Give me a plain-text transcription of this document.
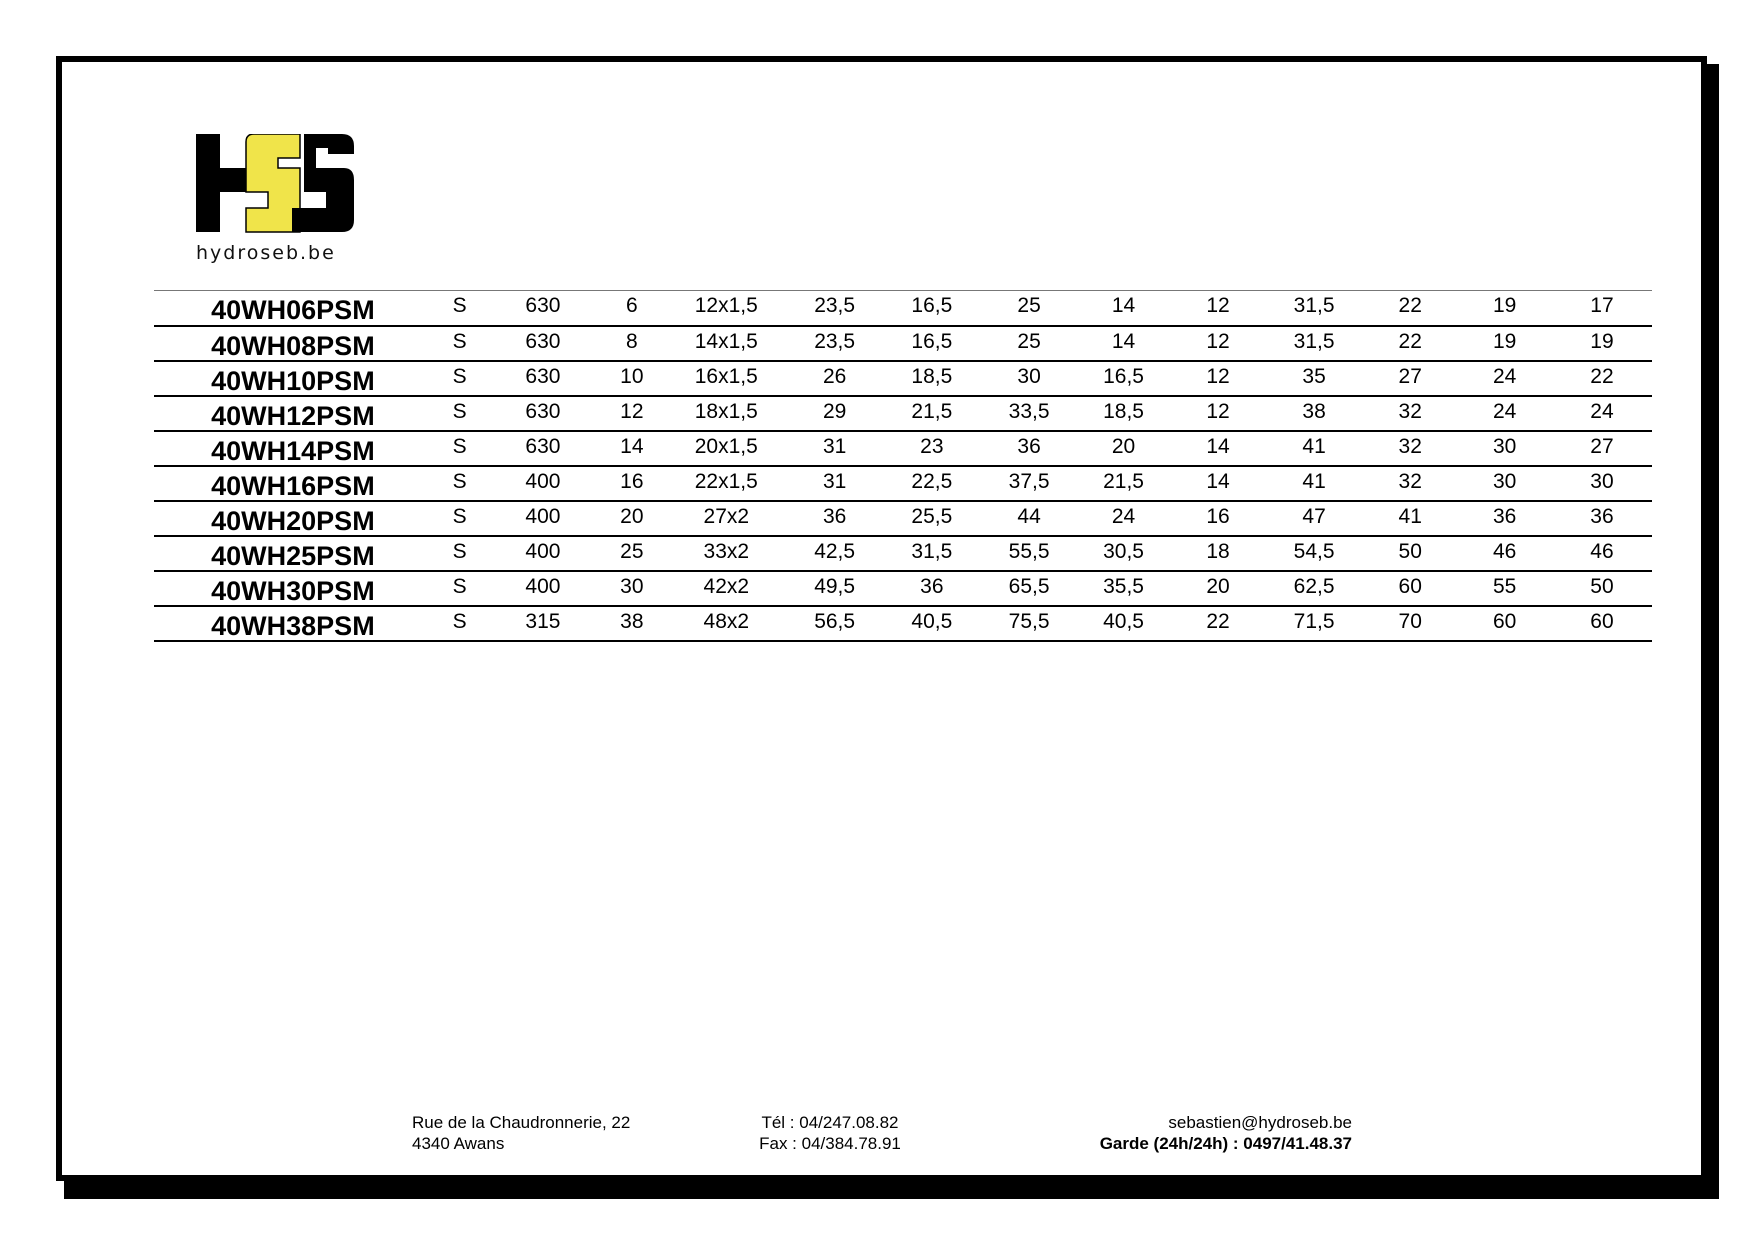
hydroseb.be
40WH06PSM	S	630	6	12x1,5	23,5	16,5	25	14	12	31,5	22	19	17
40WH08PSM	S	630	8	14x1,5	23,5	16,5	25	14	12	31,5	22	19	19
40WH10PSM	S	630	10	16x1,5	26	18,5	30	16,5	12	35	27	24	22
40WH12PSM	S	630	12	18x1,5	29	21,5	33,5	18,5	12	38	32	24	24
40WH14PSM	S	630	14	20x1,5	31	23	36	20	14	41	32	30	27
40WH16PSM	S	400	16	22x1,5	31	22,5	37,5	21,5	14	41	32	30	30
40WH20PSM	S	400	20	27x2	36	25,5	44	24	16	47	41	36	36
40WH25PSM	S	400	25	33x2	42,5	31,5	55,5	30,5	18	54,5	50	46	46
40WH30PSM	S	400	30	42x2	49,5	36	65,5	35,5	20	62,5	60	55	50
40WH38PSM	S	315	38	48x2	56,5	40,5	75,5	40,5	22	71,5	70	60	60
Rue de la Chaudronnerie, 22
4340 Awans
Tél : 04/247.08.82
Fax : 04/384.78.91
sebastien@hydroseb.be
Garde (24h/24h) : 0497/41.48.37
